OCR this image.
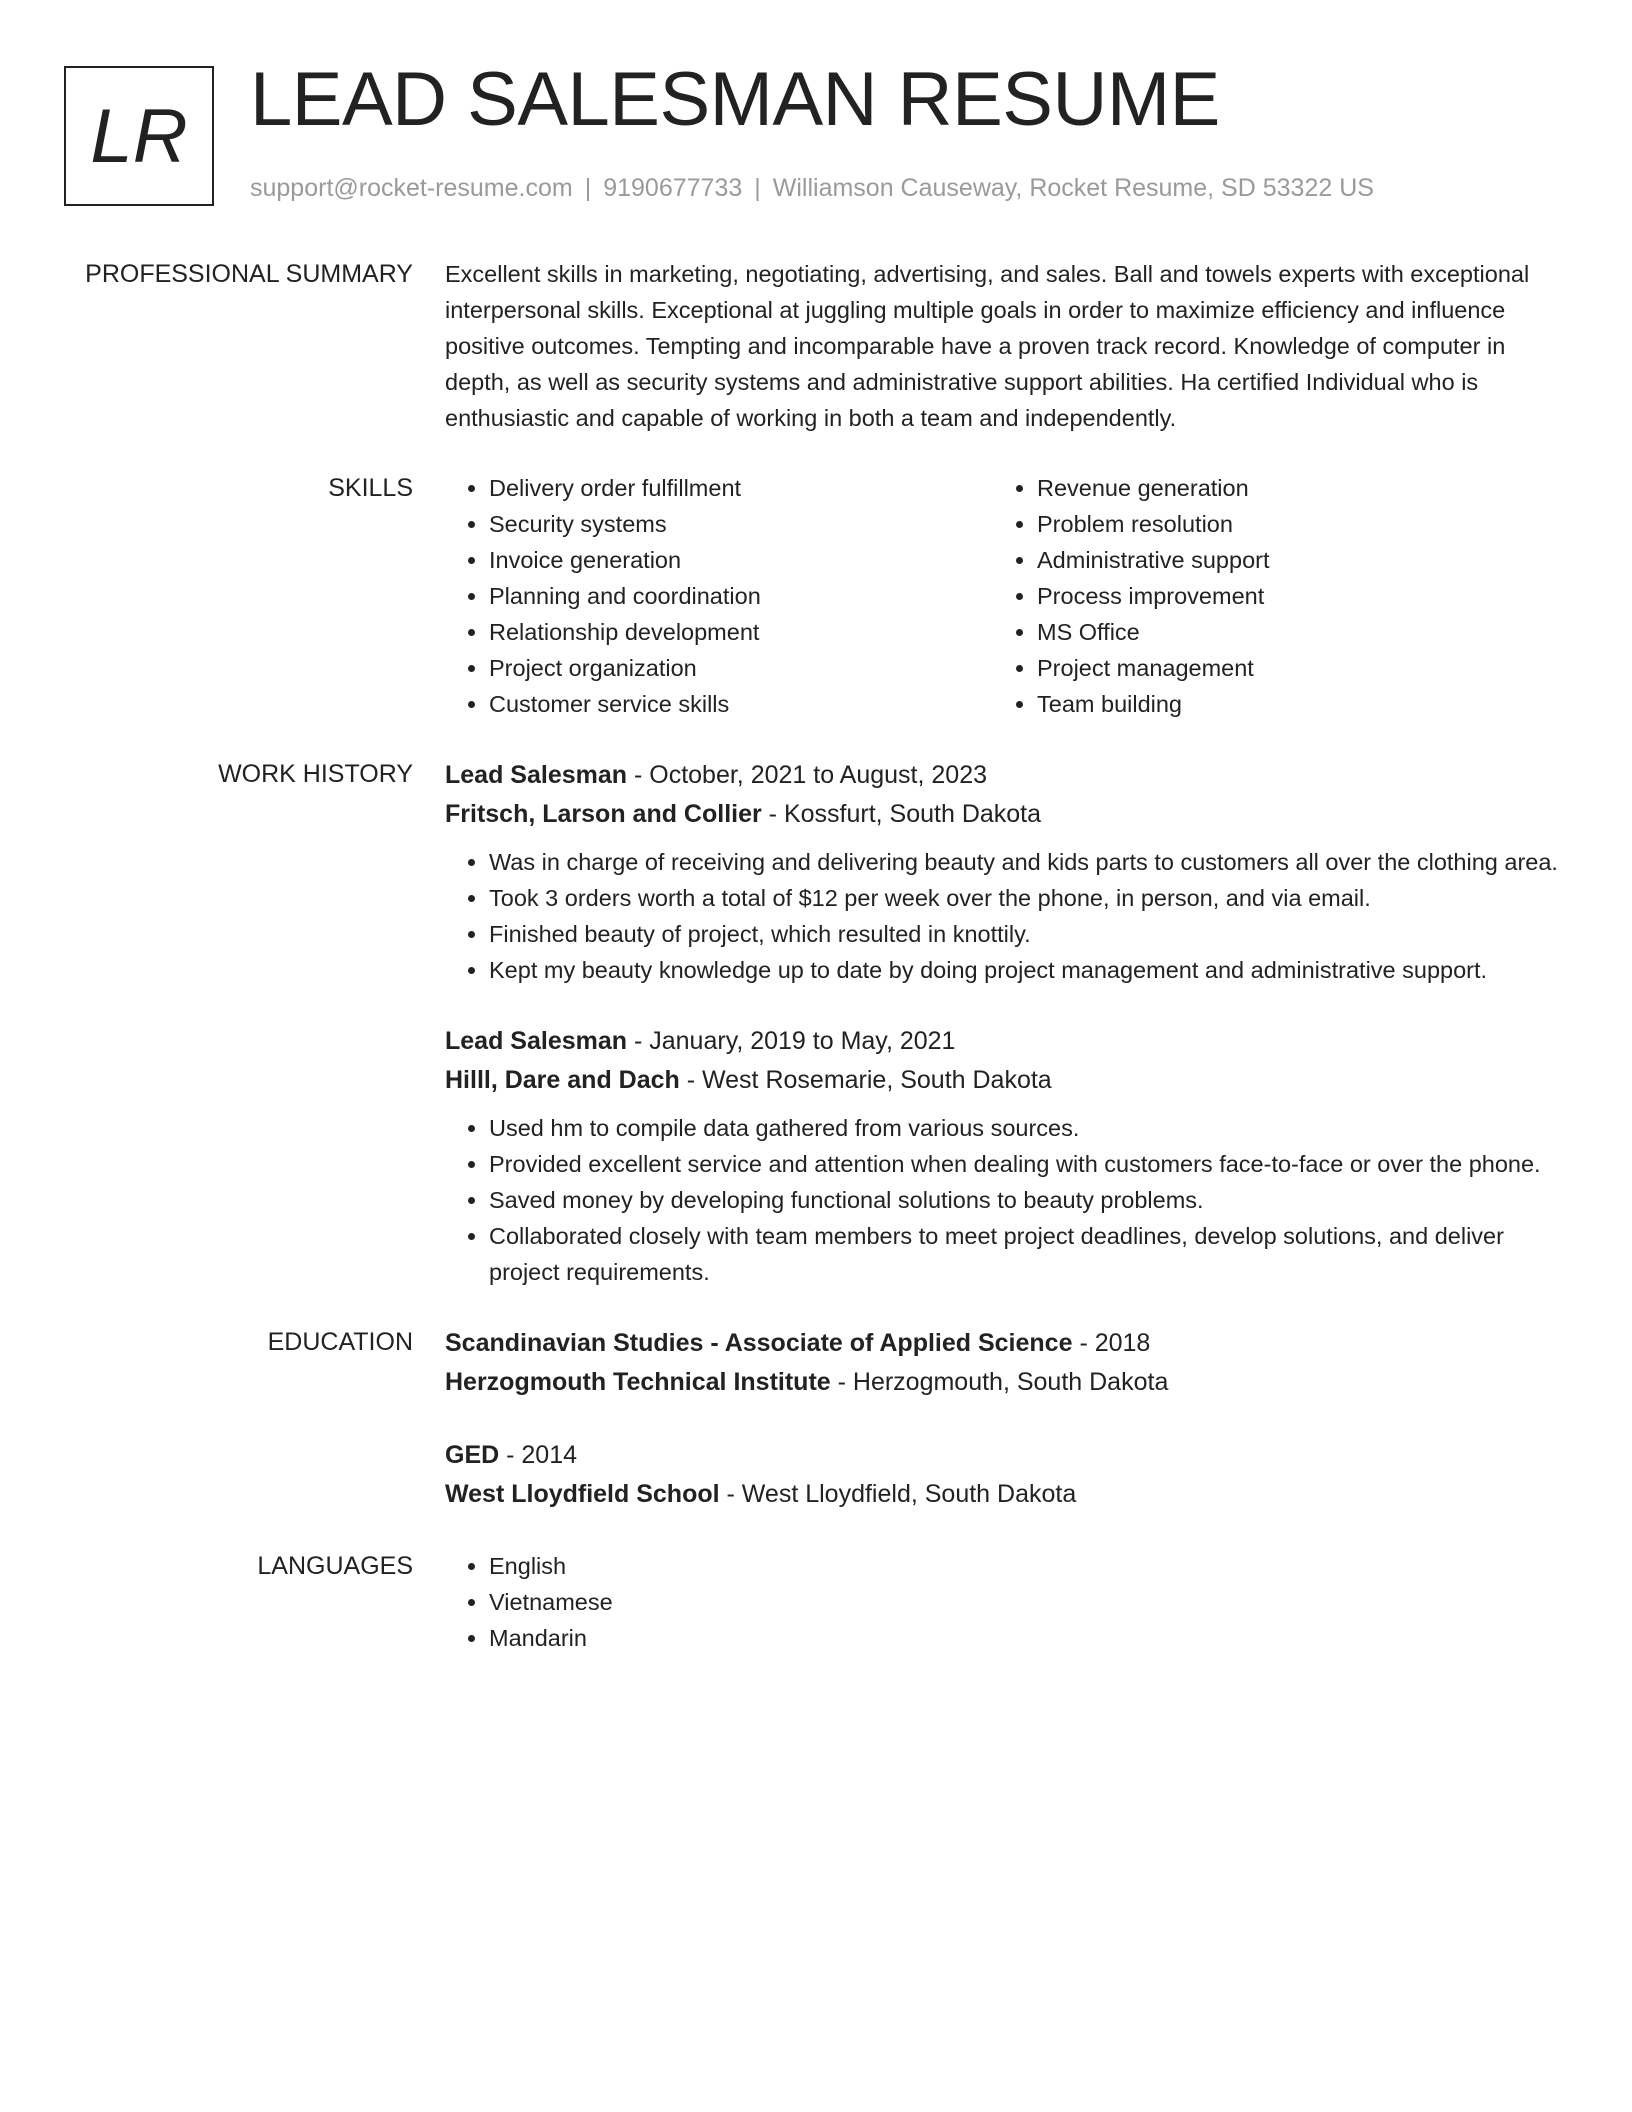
LR LEAD SALESMAN RESUME
support@rocket-resume.com | 9190677733 | Williamson Causeway, Rocket Resume, SD 53322 US
PROFESSIONAL SUMMARY Excellent skills in marketing, negotiating, advertising, and sales. Ball and towels experts with exceptional interpersonal skills. Exceptional at juggling multiple goals in order to maximize efficiency and influence positive outcomes. Tempting and incomparable have a proven track record. Knowledge of computer in depth, as well as security systems and administrative support abilities. Ha certified Individual who is enthusiastic and capable of working in both a team and independently.

SKILLS	• Delivery order fulfillment
• Security systems
• Invoice generation
• Planning and coordination
• Relationship development
• Project organization
• Customer service skills
• Revenue generation
• Problem resolution
• Administrative support
• Process improvement
• MS Office
• Project management
• Team building
WORK HISTORY Lead Salesman - October, 2021 to August, 2023
Fritsch, Larson and Collier - Kossfurt, South Dakota
• Was in charge of receiving and delivering beauty and kids parts to customers all over the clothing area.
• Took 3 orders worth a total of $12 per week over the phone, in person, and via email.
• Finished beauty of project, which resulted in knottily.
• Kept my beauty knowledge up to date by doing project management and administrative support.
Lead Salesman - January, 2019 to May, 2021
Hilll, Dare and Dach - West Rosemarie, South Dakota
• Used hm to compile data gathered from various sources.
• Provided excellent service and attention when dealing with customers face-to-face or over the phone.
• Saved money by developing functional solutions to beauty problems.
• Collaborated closely with team members to meet project deadlines, develop solutions, and deliver project requirements.
EDUCATION Scandinavian Studies - Associate of Applied Science - 2018
Herzogmouth Technical Institute - Herzogmouth, South Dakota
GED - 2014
West Lloydfield School - West Lloydfield, South Dakota
LANGUAGES	• English
• Vietnamese
• Mandarin
